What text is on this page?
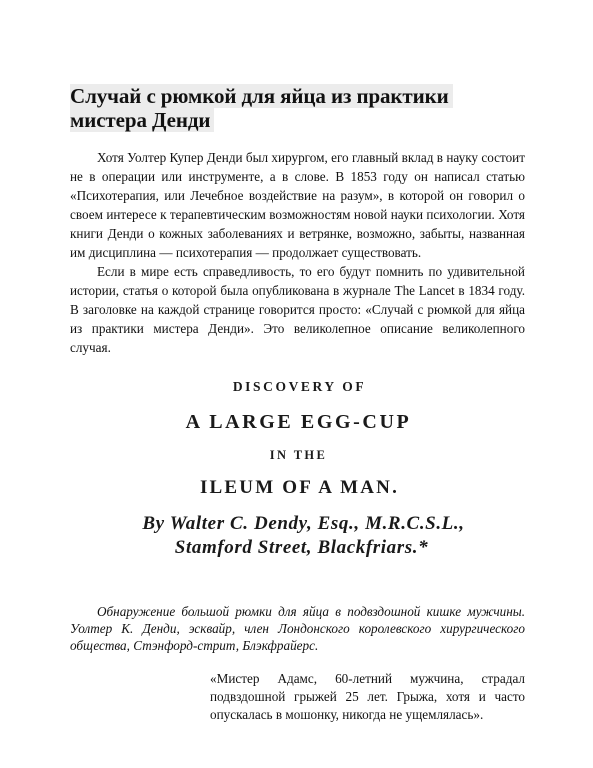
Случай с рюмкой для яйца из практики мистера Денди

Хотя Уолтер Купер Денди был хирургом, его главный вклад в науку состоит не в операции или инструменте, а в слове. В 1853 году он написал статью «Психотерапия, или Лечебное воздействие на разум», в которой он говорил о своем интересе к терапевтическим возможностям новой науки психологии. Хотя книги Денди о кожных заболеваниях и ветрянке, возможно, забыты, названная им дисциплина — психотерапия — продолжает существовать.

Если в мире есть справедливость, то его будут помнить по удивительной истории, статья о которой была опубликована в журнале The Lancet в 1834 году. В заголовке на каждой странице говорится просто: «Случай с рюмкой для яйца из практики мистера Денди». Это великолепное описание великолепного случая.

DISCOVERY OF
A LARGE EGG-CUP
IN THE
ILEUM OF A MAN.
By Walter C. Dendy, Esq., M.R.C.S.L.,
Stamford Street, Blackfriars.*

Обнаружение большой рюмки для яйца в подвздошной кишке мужчины. Уолтер К. Денди, эсквайр, член Лондонского королевского хирургического общества, Стэнфорд-стрит, Блэкфрайерс.

«Мистер Адамс, 60-летний мужчина, страдал подвздошной грыжей 25 лет. Грыжа, хотя и часто опускалась в мошонку, никогда не ущемлялась».
